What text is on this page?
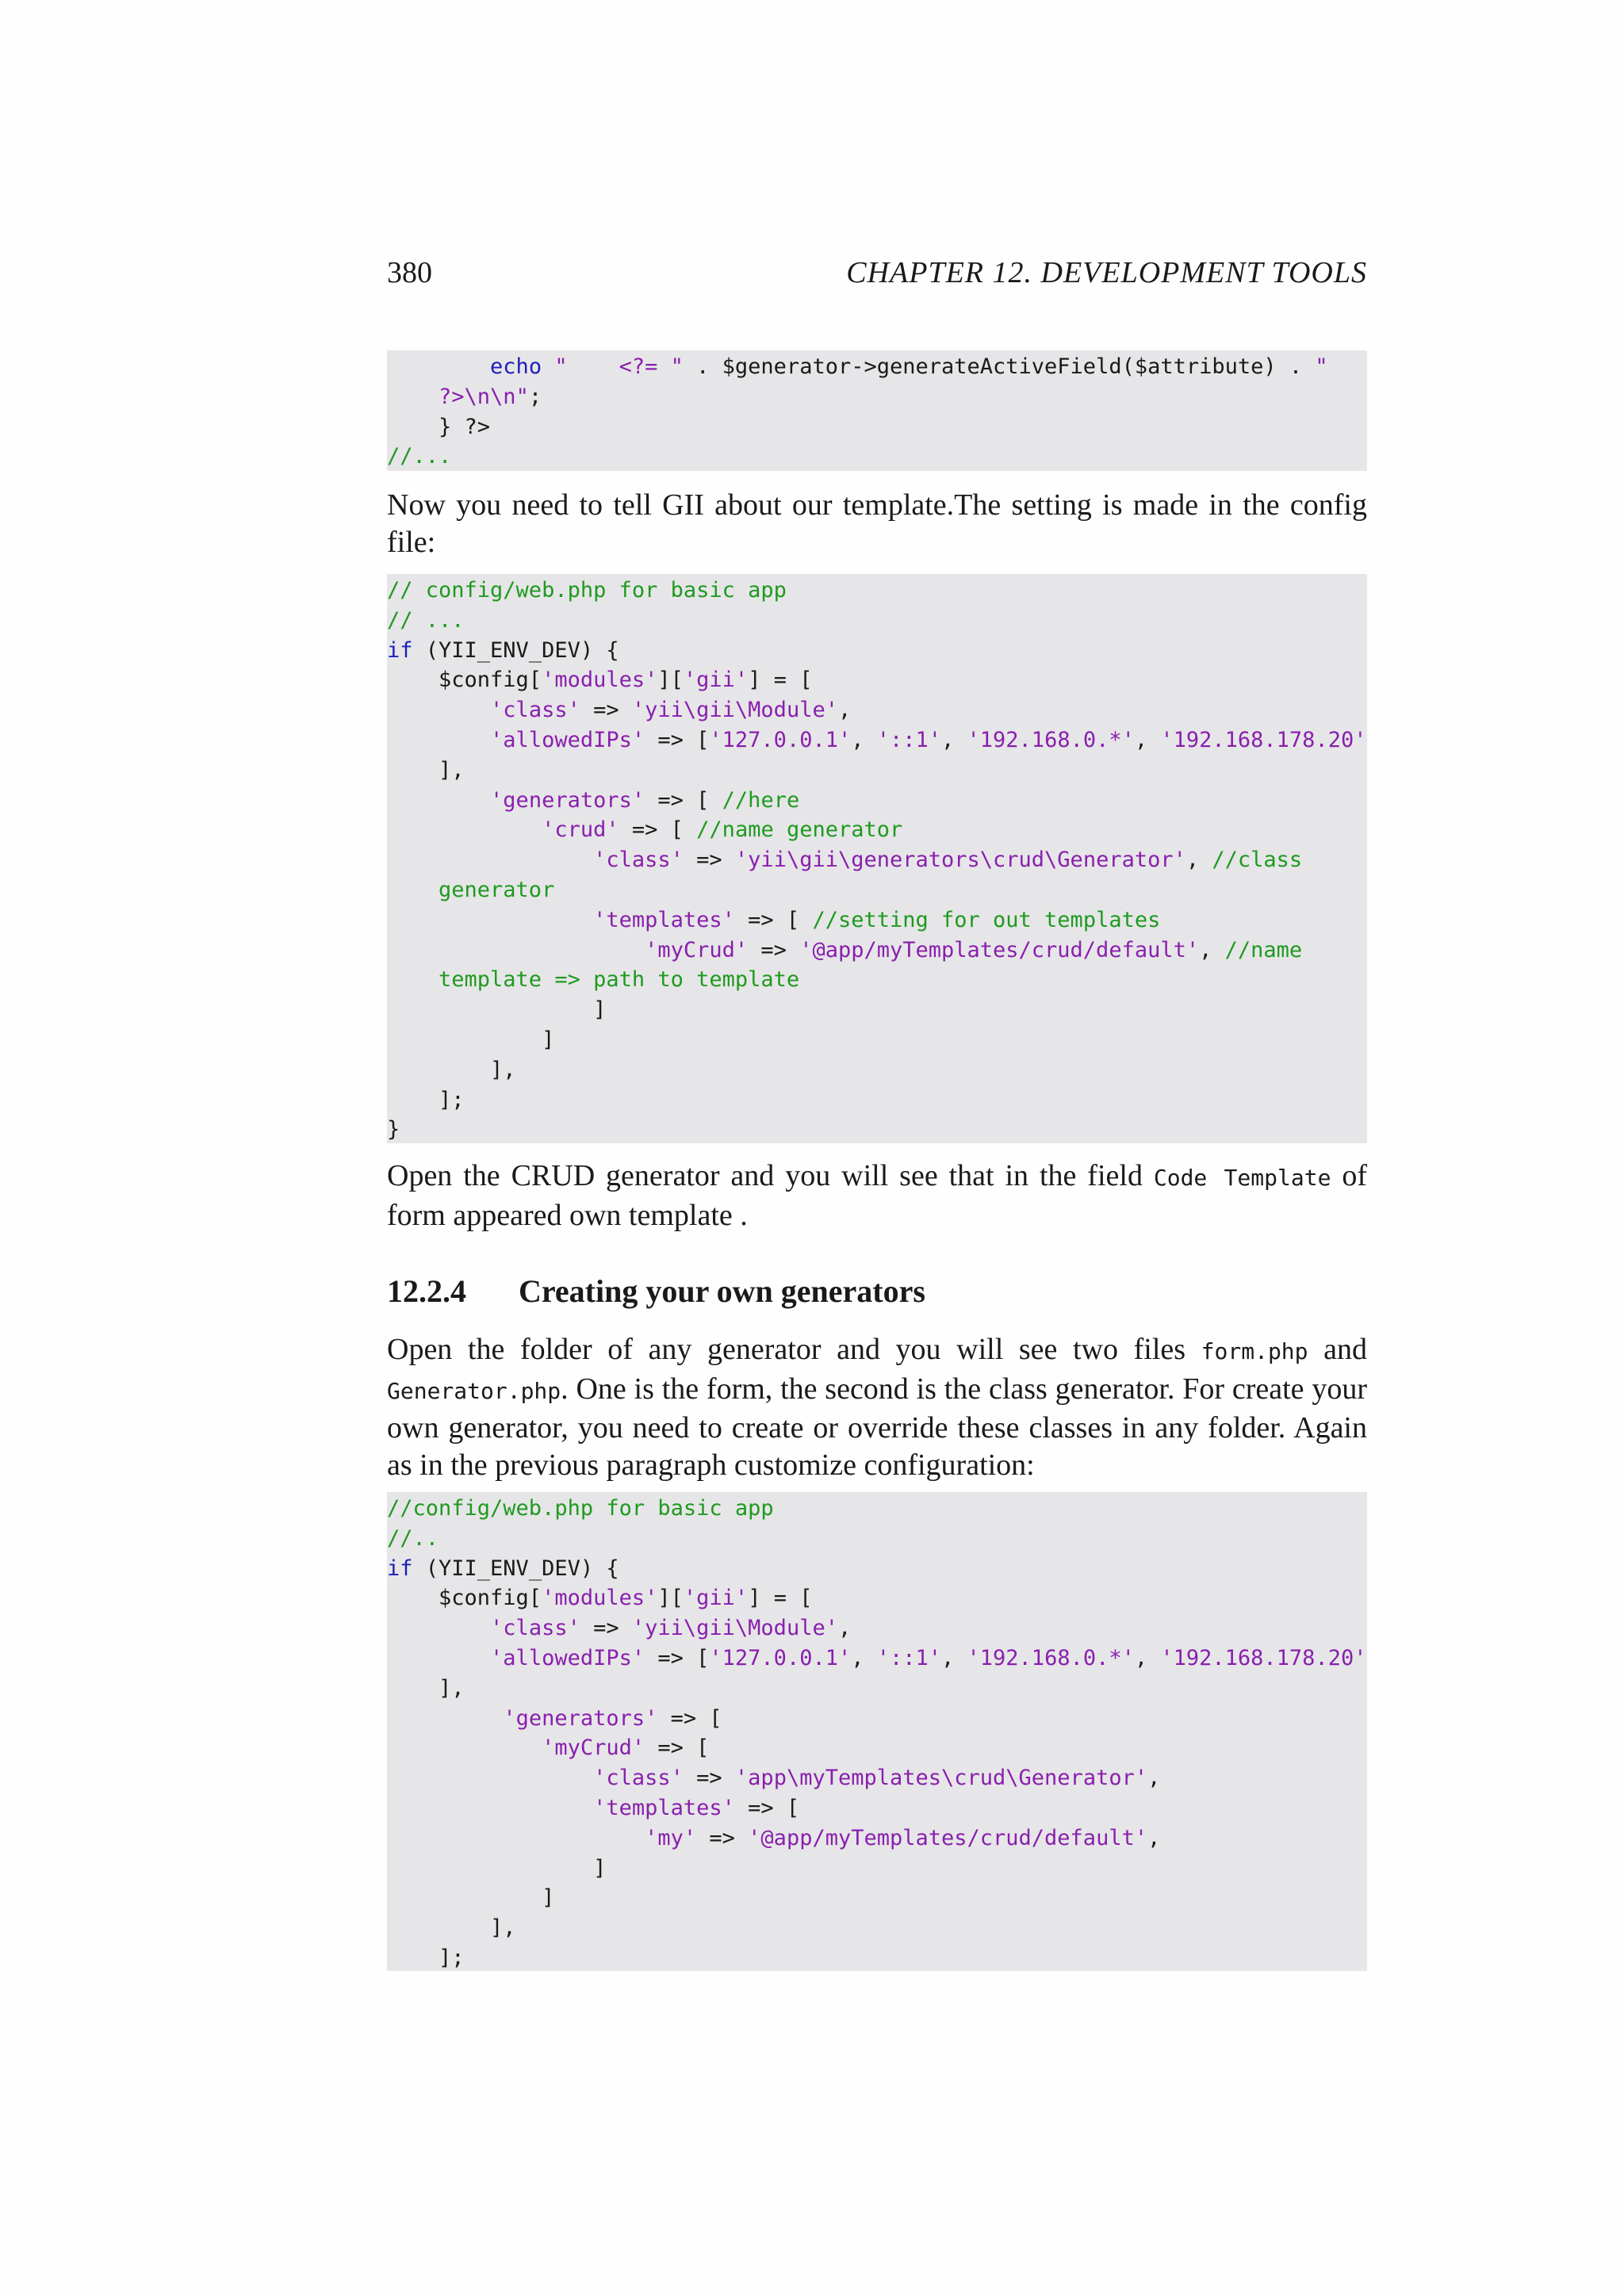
380	CHAPTER 12. DEVELOPMENT TOOLS
echo "    <?= " . $generator->generateActiveField($attribute) . "
?>\n\n";
} ?>
//...
Now you need to tell GII about our template.The setting is made in the config file:
// config/web.php for basic app
// ...
if (YII_ENV_DEV) {
$config['modules']['gii'] = [
'class' => 'yii\gii\Module',
'allowedIPs' => ['127.0.0.1', '::1', '192.168.0.*', '192.168.178.20'
],
'generators' => [ //here
'crud' => [ //name generator
'class' => 'yii\gii\generators\crud\Generator', //class
generator
'templates' => [ //setting for out templates
'myCrud' => '@app/myTemplates/crud/default', //name
template => path to template
]
]
],
];
}
Open the CRUD generator and you will see that in the field Code Template of form appeared own template .
12.2.4 Creating your own generators
Open the folder of any generator and you will see two files form.php and Generator.php. One is the form, the second is the class generator. For create your own generator, you need to create or override these classes in any folder. Again as in the previous paragraph customize configuration:
//config/web.php for basic app
//..
if (YII_ENV_DEV) {
$config['modules']['gii'] = [
'class' => 'yii\gii\Module',
'allowedIPs' => ['127.0.0.1', '::1', '192.168.0.*', '192.168.178.20'
],
'generators' => [
'myCrud' => [
'class' => 'app\myTemplates\crud\Generator',
'templates' => [
'my' => '@app/myTemplates/crud/default',
]
]
],
];
